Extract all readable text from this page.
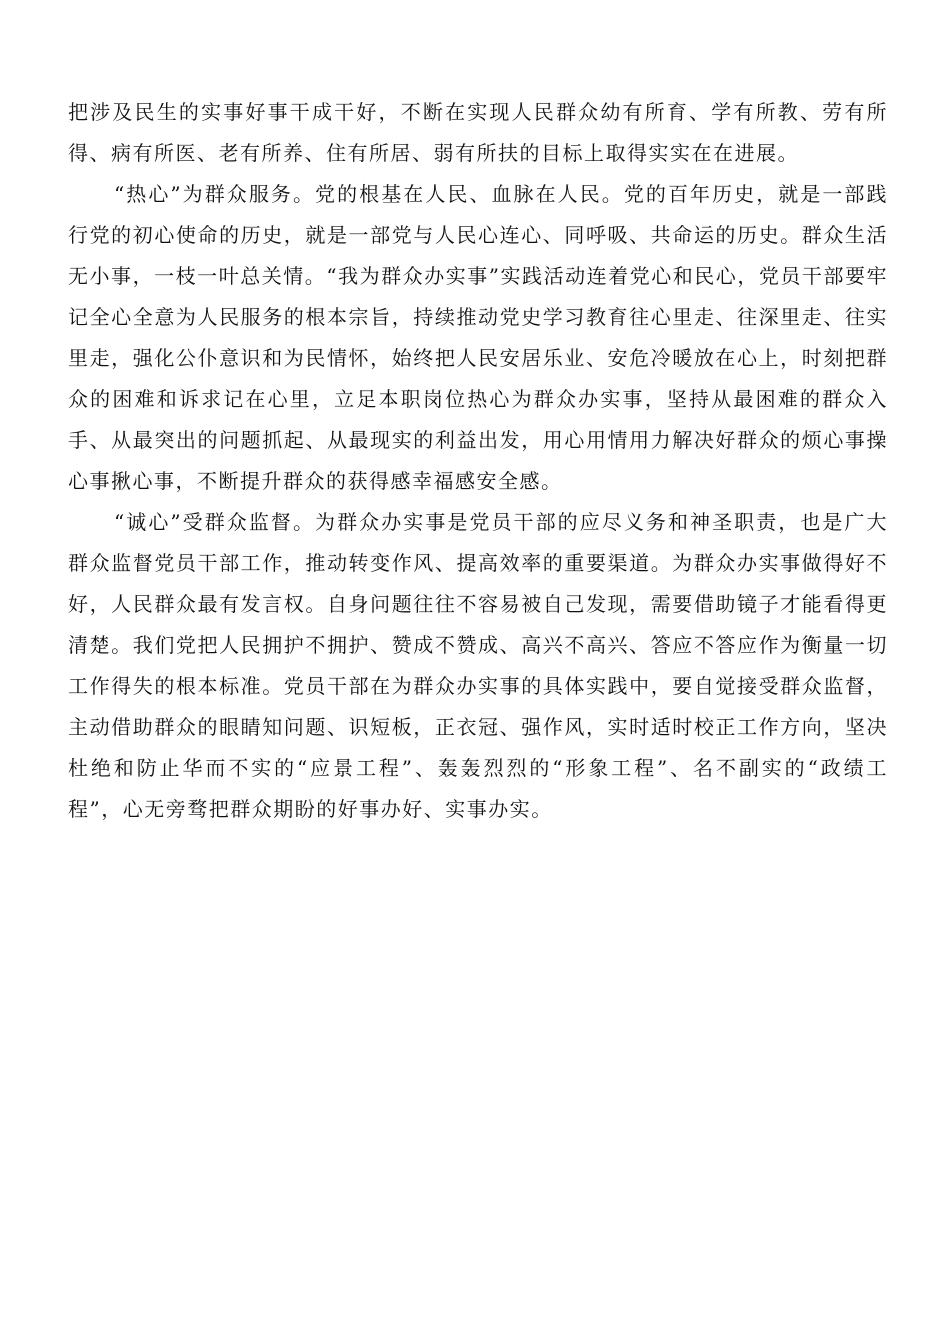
把涉及民生的实事好事干成干好，不断在实现人民群众幼有所育、学有所教、劳有所得、病有所医、老有所养、住有所居、弱有所扶的目标上取得实实在在进展。

“热心”为群众服务。党的根基在人民、血脉在人民。党的百年历史，就是一部践行党的初心使命的历史，就是一部党与人民心连心、同呼吸、共命运的历史。群众生活无小事，一枝一叶总关情。“我为群众办实事”实践活动连着党心和民心，党员干部要牢记全心全意为人民服务的根本宗旨，持续推动党史学习教育往心里走、往深里走、往实里走，强化公仆意识和为民情怀，始终把人民安居乐业、安危冷暖放在心上，时刻把群众的困难和诉求记在心里，立足本职岗位热心为群众办实事，坚持从最困难的群众入手、从最突出的问题抓起、从最现实的利益出发，用心用情用力解决好群众的烦心事操心事揪心事，不断提升群众的获得感幸福感安全感。

“诚心”受群众监督。为群众办实事是党员干部的应尽义务和神圣职责，也是广大群众监督党员干部工作，推动转变作风、提高效率的重要渠道。为群众办实事做得好不好，人民群众最有发言权。自身问题往往不容易被自己发现，需要借助镜子才能看得更清楚。我们党把人民拥护不拥护、赞成不赞成、高兴不高兴、答应不答应作为衡量一切工作得失的根本标准。党员干部在为群众办实事的具体实践中，要自觉接受群众监督，主动借助群众的眼睛知问题、识短板，正衣冠、强作风，实时适时校正工作方向，坚决杜绝和防止华而不实的“应景工程”、轰轰烈烈的“形象工程”、名不副实的“政绩工程”，心无旁骛把群众期盼的好事办好、实事办实。
